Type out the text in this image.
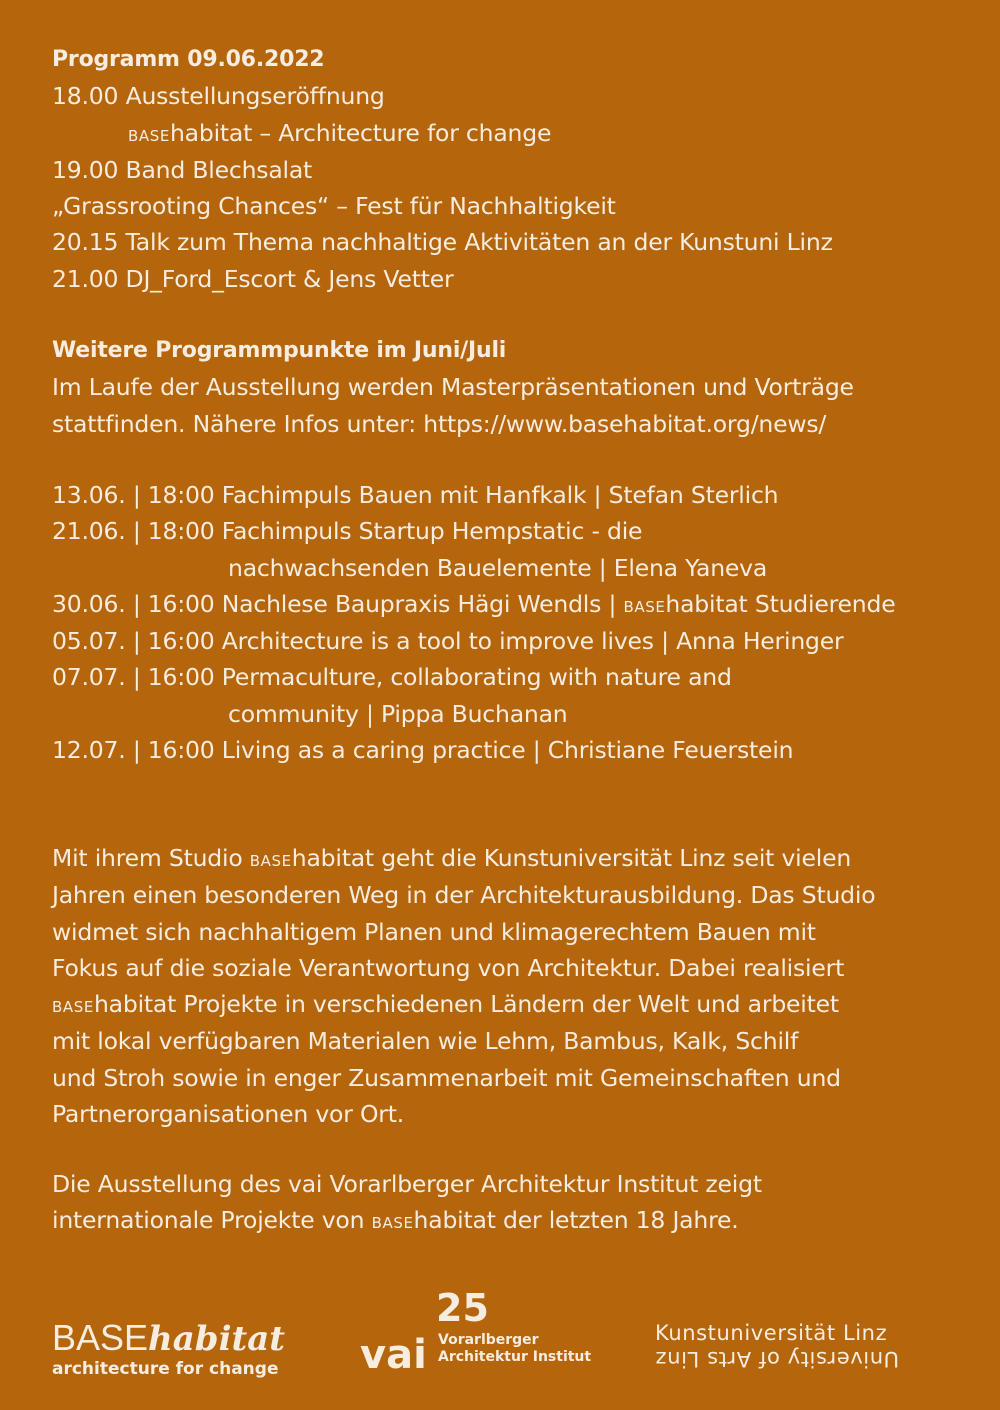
Programm 09.06.2022
18.00 Ausstellungseröffnung
basehabitat – Architecture for change
19.00 Band Blechsalat
„Grassrooting Chances“ – Fest für Nachhaltigkeit
20.15 Talk zum Thema nachhaltige Aktivitäten an der Kunstuni Linz
21.00 DJ_Ford_Escort & Jens Vetter
Weitere Programmpunkte im Juni/Juli
Im Laufe der Ausstellung werden Masterpräsentationen und Vorträge
stattfinden. Nähere Infos unter: https://www.basehabitat.org/news/
13.06. | 18:00 Fachimpuls Bauen mit Hanfkalk | Stefan Sterlich
21.06. | 18:00 Fachimpuls Startup Hempstatic - die
nachwachsenden Bauelemente | Elena Yaneva
30.06. | 16:00 Nachlese Baupraxis Hägi Wendls | basehabitat Studierende
05.07. | 16:00 Architecture is a tool to improve lives | Anna Heringer
07.07. | 16:00 Permaculture, collaborating with nature and
community | Pippa Buchanan
12.07. | 16:00 Living as a caring practice | Christiane Feuerstein
Mit ihrem Studio basehabitat geht die Kunstuniversität Linz seit vielen
Jahren einen besonderen Weg in der Architekturausbildung. Das Studio
widmet sich nachhaltigem Planen und klimagerechtem Bauen mit
Fokus auf die soziale Verantwortung von Architektur. Dabei realisiert
basehabitat Projekte in verschiedenen Ländern der Welt und arbeitet
mit lokal verfügbaren Materialen wie Lehm, Bambus, Kalk, Schilf
und Stroh sowie in enger Zusammenarbeit mit Gemeinschaften und
Partnerorganisationen vor Ort.
Die Ausstellung des vai Vorarlberger Architektur Institut zeigt
internationale Projekte von basehabitat der letzten 18 Jahre.
BASEhabitat
architecture for change
25
vai Vorarlberger
Architektur Institut
Kunstuniversität Linz
University of Arts Linz
